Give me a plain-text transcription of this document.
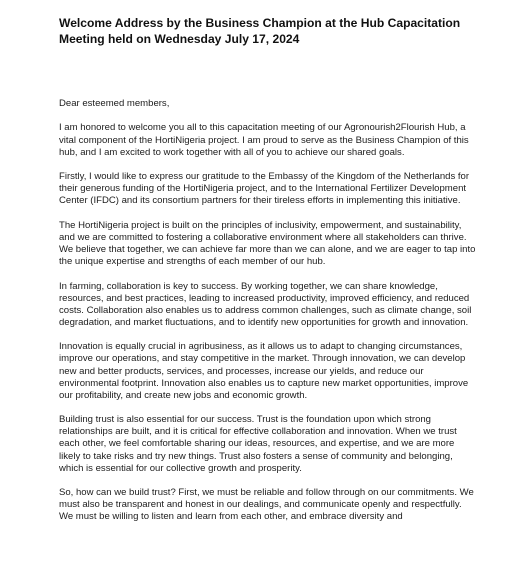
Welcome Address by the Business Champion at the Hub Capacitation Meeting held on Wednesday July 17, 2024

Dear esteemed members,

I am honored to welcome you all to this capacitation meeting of our Agronourish2Flourish Hub, a vital component of the HortiNigeria project. I am proud to serve as the Business Champion of this hub, and I am excited to work together with all of you to achieve our shared goals.

Firstly, I would like to express our gratitude to the Embassy of the Kingdom of the Netherlands for their generous funding of the HortiNigeria project, and to the International Fertilizer Development Center (IFDC) and its consortium partners for their tireless efforts in implementing this initiative.

The HortiNigeria project is built on the principles of inclusivity, empowerment, and sustainability, and we are committed to fostering a collaborative environment where all stakeholders can thrive. We believe that together, we can achieve far more than we can alone, and we are eager to tap into the unique expertise and strengths of each member of our hub.

In farming, collaboration is key to success. By working together, we can share knowledge, resources, and best practices, leading to increased productivity, improved efficiency, and reduced costs. Collaboration also enables us to address common challenges, such as climate change, soil degradation, and market fluctuations, and to identify new opportunities for growth and innovation.

Innovation is equally crucial in agribusiness, as it allows us to adapt to changing circumstances, improve our operations, and stay competitive in the market. Through innovation, we can develop new and better products, services, and processes, increase our yields, and reduce our environmental footprint. Innovation also enables us to capture new market opportunities, improve our profitability, and create new jobs and economic growth.

Building trust is also essential for our success. Trust is the foundation upon which strong relationships are built, and it is critical for effective collaboration and innovation. When we trust each other, we feel comfortable sharing our ideas, resources, and expertise, and we are more likely to take risks and try new things. Trust also fosters a sense of community and belonging, which is essential for our collective growth and prosperity.

So, how can we build trust? First, we must be reliable and follow through on our commitments. We must also be transparent and honest in our dealings, and communicate openly and respectfully. We must be willing to listen and learn from each other, and embrace diversity and
